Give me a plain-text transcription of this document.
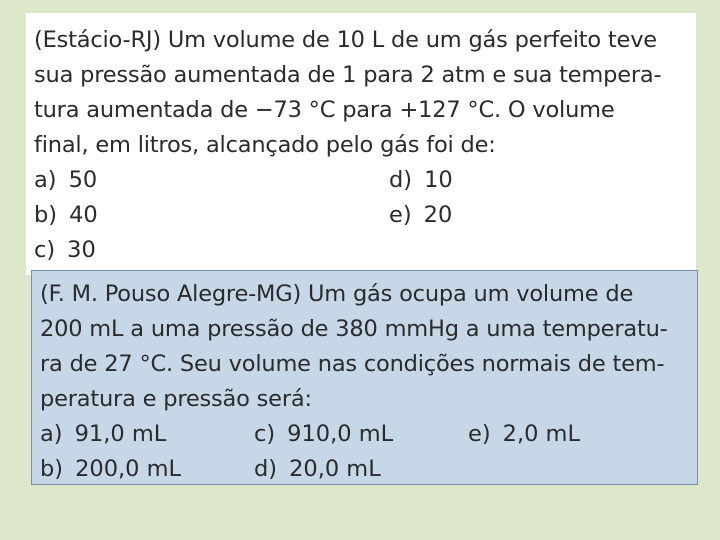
(Estácio-RJ) Um volume de 10 L de um gás perfeito teve
sua pressão aumentada de 1 para 2 atm e sua tempera-
tura aumentada de −73 °C para +127 °C. O volume
final, em litros, alcançado pelo gás foi de:

a) 50
b) 40
c) 30
d) 10
e) 20

(F. M. Pouso Alegre-MG) Um gás ocupa um volume de
200 mL a uma pressão de 380 mmHg a uma temperatu-
ra de 27 °C. Seu volume nas condições normais de tem-
peratura e pressão será:

a) 91,0 mL
b) 200,0 mL
c) 910,0 mL
d) 20,0 mL
e) 2,0 mL
